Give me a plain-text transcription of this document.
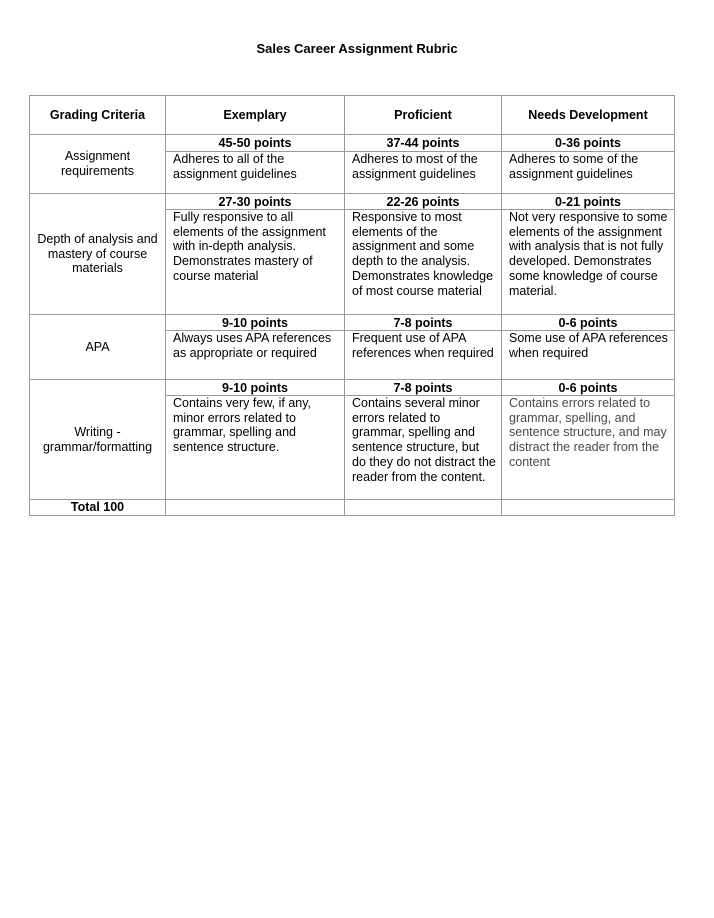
Sales Career Assignment Rubric
Grading Criteria	Exemplary	Proficient	Needs Development
Assignment requirements	45-50 points	37-44 points	0-36 points
	Adheres to all of the assignment guidelines	Adheres to most of the assignment guidelines	Adheres to some of the assignment guidelines
Depth of analysis and mastery of course materials	27-30 points	22-26 points	0-21 points
	Fully responsive to all elements of the assignment with in-depth analysis. Demonstrates mastery of course material	Responsive to most elements of the assignment and some depth to the analysis. Demonstrates knowledge of most course material	Not very responsive to some elements of the assignment with analysis that is not fully developed. Demonstrates some knowledge of course material.
APA	9-10 points	7-8 points	0-6 points
	Always uses APA references as appropriate or required	Frequent use of APA references when required	Some use of APA references when required
Writing - grammar/formatting	9-10 points	7-8 points	0-6 points
	Contains very few, if any, minor errors related to grammar, spelling and sentence structure.	Contains several minor errors related to grammar, spelling and sentence structure, but do they do not distract the reader from the content.	Contains errors related to grammar, spelling, and sentence structure, and may distract the reader from the content
Total 100			
